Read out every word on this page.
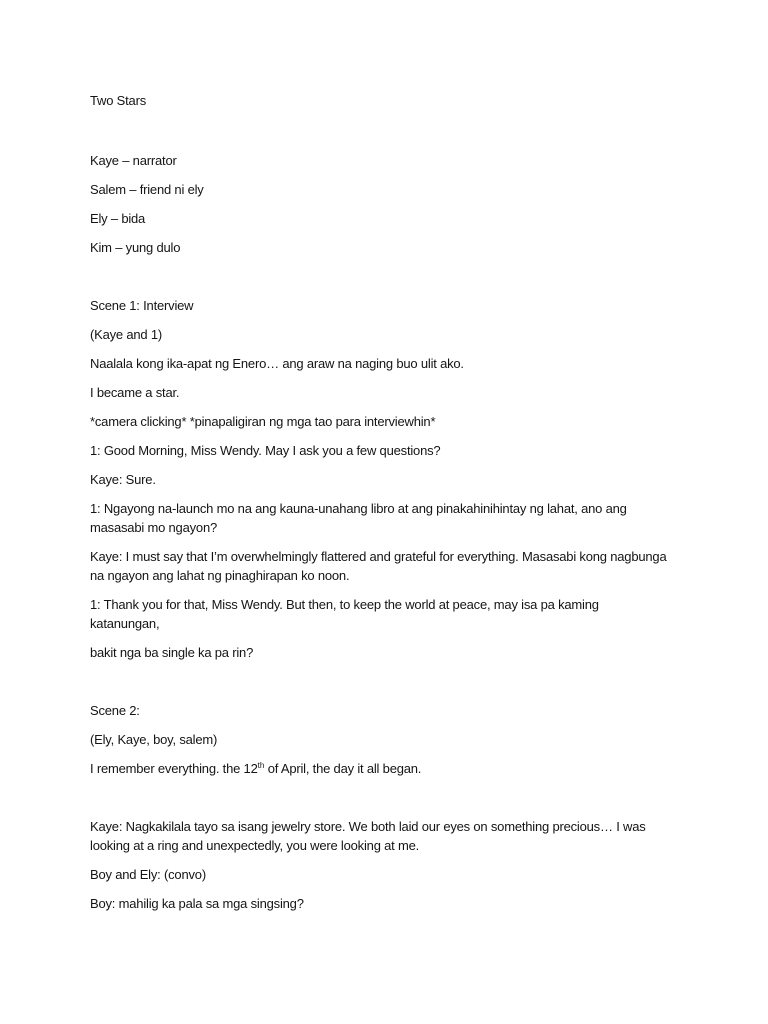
Two Stars
Kaye – narrator
Salem – friend ni ely
Ely – bida
Kim – yung dulo
Scene 1: Interview
(Kaye and 1)
Naalala kong ika-apat ng Enero… ang araw na naging buo ulit ako.
I became a star.
*camera clicking* *pinapaligiran ng mga tao para interviewhin*
1: Good Morning, Miss Wendy. May I ask you a few questions?
Kaye: Sure.
1: Ngayong na-launch mo na ang kauna-unahang libro at ang pinakahinihintay ng lahat, ano ang
masasabi mo ngayon?
Kaye: I must say that I’m overwhelmingly flattered and grateful for everything. Masasabi kong nagbunga
na ngayon ang lahat ng pinaghirapan ko noon.
1: Thank you for that, Miss Wendy. But then, to keep the world at peace, may isa pa kaming
katanungan,
bakit nga ba single ka pa rin?
Scene 2:
(Ely, Kaye, boy, salem)
I remember everything. the 12th of April, the day it all began.
Kaye: Nagkakilala tayo sa isang jewelry store. We both laid our eyes on something precious… I was
looking at a ring and unexpectedly, you were looking at me.
Boy and Ely: (convo)
Boy: mahilig ka pala sa mga singsing?
